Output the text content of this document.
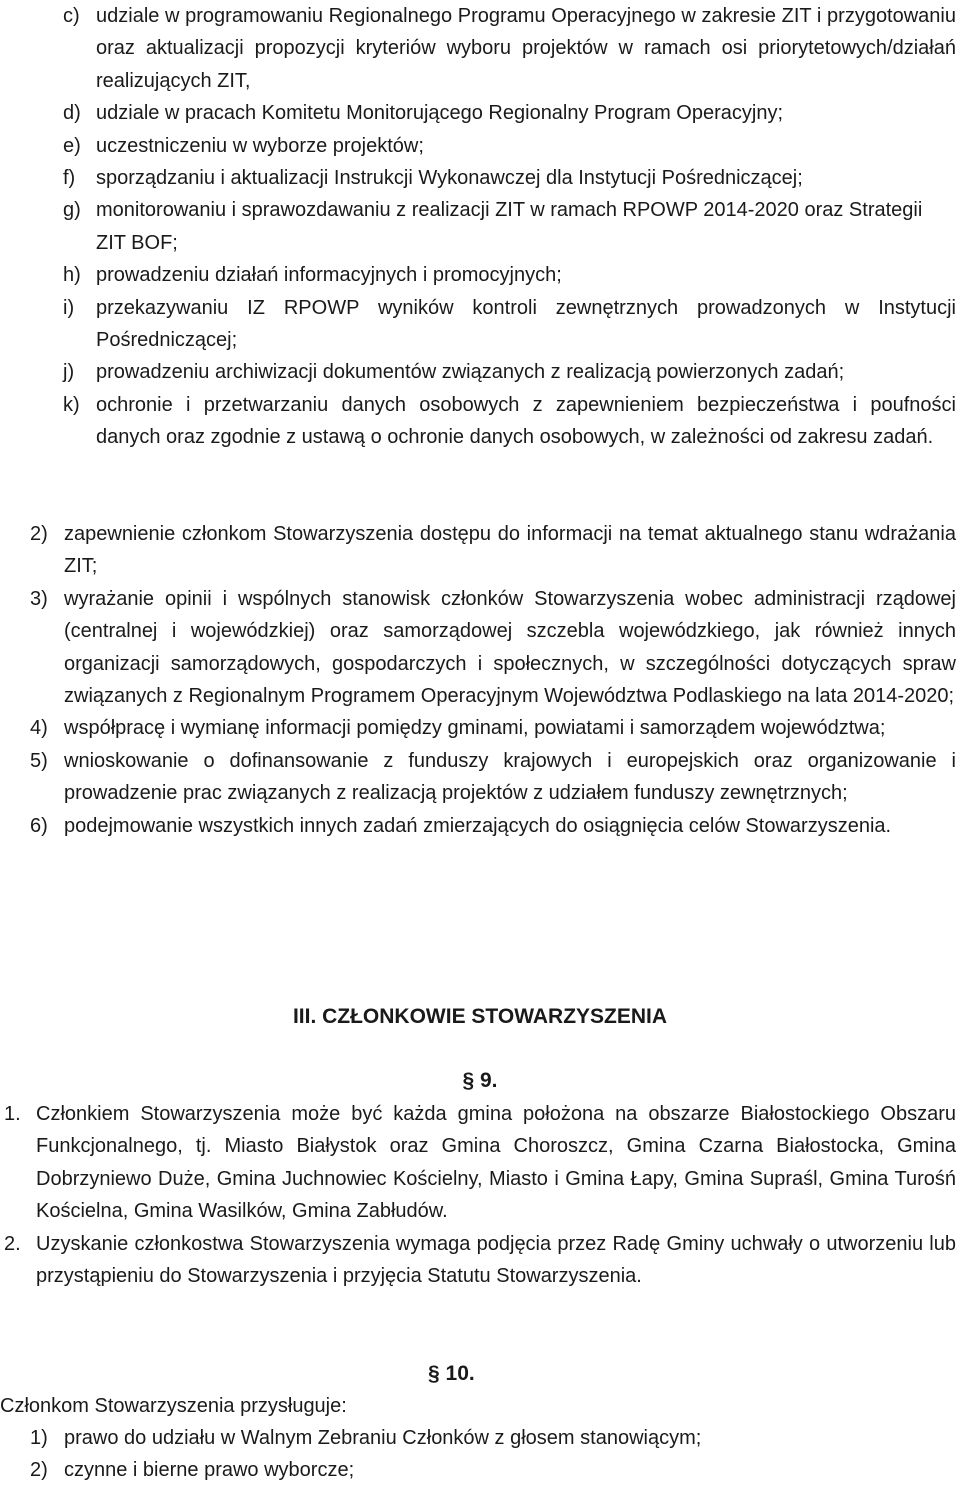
c) udziale w programowaniu Regionalnego Programu Operacyjnego w zakresie ZIT i przygotowaniu oraz aktualizacji propozycji kryteriów wyboru projektów w ramach osi priorytetowych/działań realizujących ZIT,
d) udziale w pracach Komitetu Monitorującego Regionalny Program Operacyjny;
e) uczestniczeniu w wyborze projektów;
f)	sporządzaniu i aktualizacji Instrukcji Wykonawczej dla Instytucji Pośredniczącej;
g) monitorowaniu i sprawozdawaniu z realizacji ZIT w ramach RPOWP 2014-2020 oraz Strategii ZIT BOF;
h) prowadzeniu działań informacyjnych i promocyjnych;
i)	przekazywaniu IZ RPOWP wyników kontroli zewnętrznych prowadzonych w Instytucji Pośredniczącej;
j)	prowadzeniu archiwizacji dokumentów związanych z realizacją powierzonych zadań;
k) ochronie i przetwarzaniu danych osobowych z zapewnieniem bezpieczeństwa i poufności danych oraz zgodnie z ustawą o ochronie danych osobowych, w zależności od zakresu zadań.
2) zapewnienie członkom Stowarzyszenia dostępu do informacji na temat aktualnego stanu wdrażania ZIT;
3) wyrażanie opinii i wspólnych stanowisk członków Stowarzyszenia wobec administracji rządowej (centralnej i wojewódzkiej) oraz samorządowej szczebla wojewódzkiego, jak również innych organizacji samorządowych, gospodarczych i społecznych, w szczególności dotyczących spraw związanych z Regionalnym Programem Operacyjnym Województwa Podlaskiego na lata 2014-2020;
4) współpracę i wymianę informacji pomiędzy gminami, powiatami i samorządem województwa;
5) wnioskowanie o dofinansowanie z funduszy krajowych i europejskich oraz organizowanie i prowadzenie prac związanych z realizacją projektów z udziałem funduszy zewnętrznych;
6) podejmowanie wszystkich innych zadań zmierzających do osiągnięcia celów Stowarzyszenia.
III. CZŁONKOWIE STOWARZYSZENIA
§ 9.
1. Członkiem Stowarzyszenia może być każda gmina położona na obszarze Białostockiego Obszaru Funkcjonalnego, tj. Miasto Białystok oraz Gmina Choroszcz, Gmina Czarna Białostocka, Gmina Dobrzyniewo Duże, Gmina Juchnowiec Kościelny, Miasto i Gmina Łapy, Gmina Supraśl, Gmina Turośń Kościelna, Gmina Wasilków, Gmina Zabłudów.
2. Uzyskanie członkostwa Stowarzyszenia wymaga podjęcia przez Radę Gminy uchwały o utworzeniu lub przystąpieniu do Stowarzyszenia i przyjęcia Statutu Stowarzyszenia.
§ 10.
Członkom Stowarzyszenia przysługuje:
1) prawo do udziału w Walnym Zebraniu Członków z głosem stanowiącym;
2) czynne i bierne prawo wyborcze;
